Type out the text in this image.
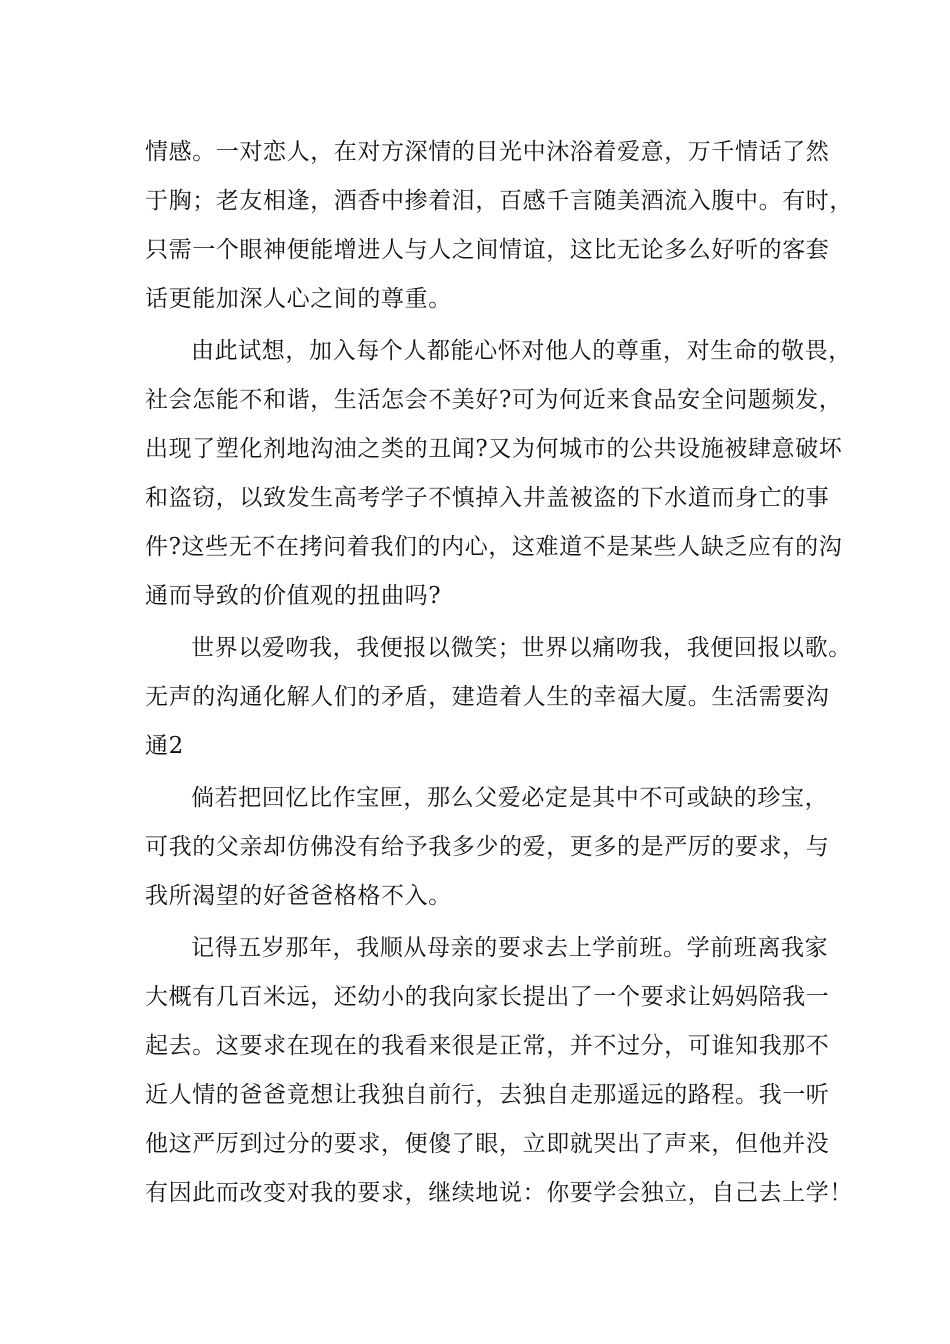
情感。一对恋人，在对方深情的目光中沐浴着爱意，万千情话了然
于胸；老友相逢，酒香中掺着泪，百感千言随美酒流入腹中。有时，
只需一个眼神便能增进人与人之间情谊，这比无论多么好听的客套
话更能加深人心之间的尊重。
由此试想，加入每个人都能心怀对他人的尊重，对生命的敬畏，
社会怎能不和谐，生活怎会不美好?可为何近来食品安全问题频发，
出现了塑化剂地沟油之类的丑闻?又为何城市的公共设施被肆意破坏
和盗窃，以致发生高考学子不慎掉入井盖被盗的下水道而身亡的事
件?这些无不在拷问着我们的内心，这难道不是某些人缺乏应有的沟
通而导致的价值观的扭曲吗?
世界以爱吻我，我便报以微笑；世界以痛吻我，我便回报以歌。
无声的沟通化解人们的矛盾，建造着人生的幸福大厦。生活需要沟
通2
倘若把回忆比作宝匣，那么父爱必定是其中不可或缺的珍宝，
可我的父亲却仿佛没有给予我多少的爱，更多的是严厉的要求，与
我所渴望的好爸爸格格不入。
记得五岁那年，我顺从母亲的要求去上学前班。学前班离我家
大概有几百米远，还幼小的我向家长提出了一个要求让妈妈陪我一
起去。这要求在现在的我看来很是正常，并不过分，可谁知我那不
近人情的爸爸竟想让我独自前行，去独自走那遥远的路程。我一听
他这严厉到过分的要求，便傻了眼，立即就哭出了声来，但他并没
有因此而改变对我的要求，继续地说：你要学会独立，自己去上学！
